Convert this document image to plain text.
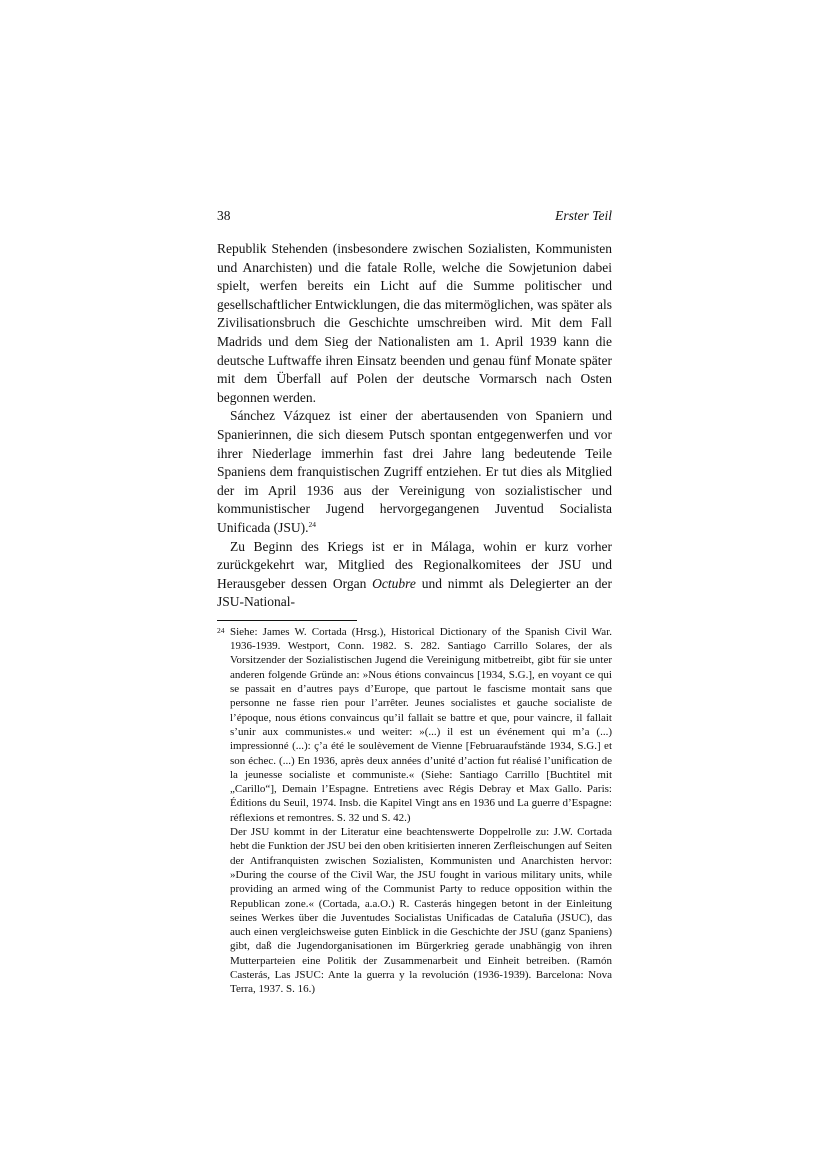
38	Erster Teil

Republik Stehenden (insbesondere zwischen Sozialisten, Kommunisten und Anarchisten) und die fatale Rolle, welche die Sowjetunion dabei spielt, werfen bereits ein Licht auf die Summe politischer und gesellschaftlicher Entwicklungen, die das mitermöglichen, was später als Zivilisationsbruch die Geschichte umschreiben wird. Mit dem Fall Madrids und dem Sieg der Nationalisten am 1. April 1939 kann die deutsche Luftwaffe ihren Einsatz beenden und genau fünf Monate später mit dem Überfall auf Polen der deutsche Vormarsch nach Osten begonnen werden.

Sánchez Vázquez ist einer der abertausenden von Spaniern und Spanierinnen, die sich diesem Putsch spontan entgegenwerfen und vor ihrer Niederlage immerhin fast drei Jahre lang bedeutende Teile Spaniens dem franquistischen Zugriff entziehen. Er tut dies als Mitglied der im April 1936 aus der Vereinigung von sozialistischer und kommunistischer Jugend hervorgegangenen Juventud Socialista Unificada (JSU).$^{24}$

Zu Beginn des Kriegs ist er in Málaga, wohin er kurz vorher zurückgekehrt war, Mitglied des Regionalkomitees der JSU und Herausgeber dessen Organ Octubre und nimmt als Delegierter an der JSU-National-

24 Siehe: James W. Cortada (Hrsg.), Historical Dictionary of the Spanish Civil War. 1936-1939. Westport, Conn. 1982. S. 282. Santiago Carrillo Solares, der als Vorsitzender der Sozialistischen Jugend die Vereinigung mitbetreibt, gibt für sie unter anderen folgende Gründe an: »Nous étions convaincus [1934, S.G.], en voyant ce qui se passait en d’autres pays d’Europe, que partout le fascisme montait sans que personne ne fasse rien pour l’arrêter. Jeunes socialistes et gauche socialiste de l’époque, nous étions convaincus qu’il fallait se battre et que, pour vaincre, il fallait s’unir aux communistes.« und weiter: »(...) il est un événement qui m’a (...) impressionné (...): ç’a été le soulèvement de Vienne [Februaraufstände 1934, S.G.] et son échec. (...) En 1936, après deux années d’unité d’action fut réalisé l’unification de la jeunesse socialiste et communiste.« (Siehe: Santiago Carrillo [Buchtitel mit „Carillo“], Demain l’Espagne. Entretiens avec Régis Debray et Max Gallo. Paris: Éditions du Seuil, 1974. Insb. die Kapitel Vingt ans en 1936 und La guerre d’Espagne: réflexions et remontres. S. 32 und S. 42.)

Der JSU kommt in der Literatur eine beachtenswerte Doppelrolle zu: J.W. Cortada hebt die Funktion der JSU bei den oben kritisierten inneren Zerfleischungen auf Seiten der Antifranquisten zwischen Sozialisten, Kommunisten und Anarchisten hervor: »During the course of the Civil War, the JSU fought in various military units, while providing an armed wing of the Communist Party to reduce opposition within the Republican zone.« (Cortada, a.a.O.) R. Casterás hingegen betont in der Einleitung seines Werkes über die Juventudes Socialistas Unificadas de Cataluña (JSUC), das auch einen vergleichsweise guten Einblick in die Geschichte der JSU (ganz Spaniens) gibt, daß die Jugendorganisationen im Bürgerkrieg gerade unabhängig von ihren Mutterparteien eine Politik der Zusammenarbeit und Einheit betreiben. (Ramón Casterás, Las JSUC: Ante la guerra y la revolución (1936-1939). Barcelona: Nova Terra, 1937. S. 16.)
